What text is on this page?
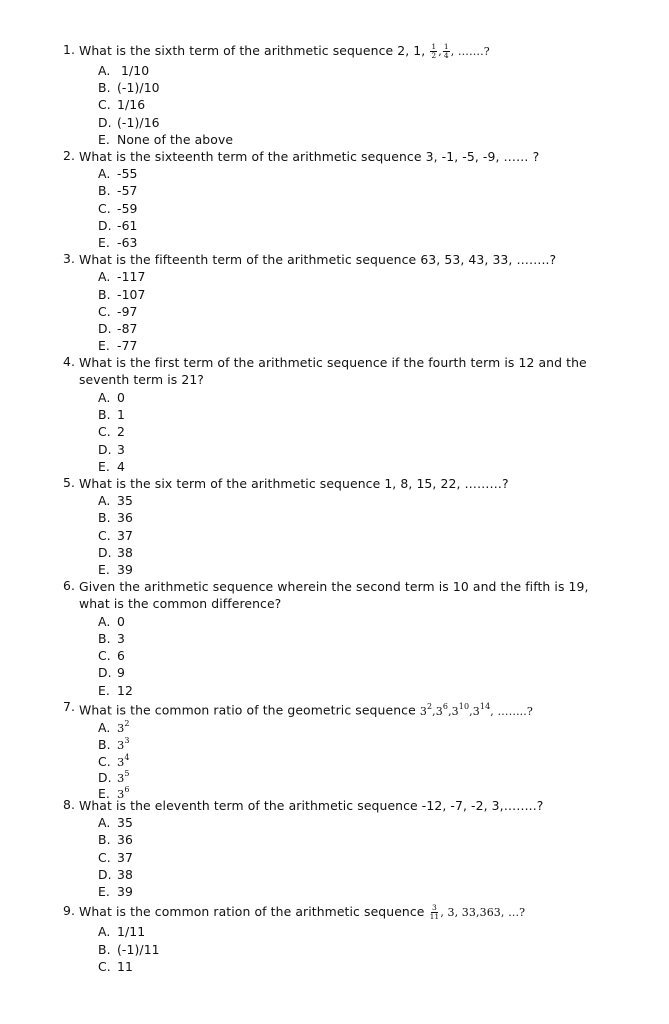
1. What is the sixth term of the arithmetic sequence 2, 1, $\frac{1}{2}$ , $\frac{1}{4}$ , …….?
A. 1/10
B. (-1)/10
C. 1/16
D. (-1)/16
E. None of the above
2. What is the sixteenth term of the arithmetic sequence 3, -1, -5, -9, …… ?
A. -55
B. -57
C. -59
D. -61
E. -63
3. What is the fifteenth term of the arithmetic sequence 63, 53, 43, 33, ……..?
A. -117
B. -107
C. -97
D. -87
E. -77
4. What is the first term of the arithmetic sequence if the fourth term is 12 and the seventh term is 21?
A. 0
B. 1
C. 2
D. 3
E. 4
5. What is the six term of the arithmetic sequence 1, 8, 15, 22, ………?
A. 35
B. 36
C. 37
D. 38
E. 39
6. Given the arithmetic sequence wherein the second term is 10 and the fifth is 19, what is the common difference?
A. 0
B. 3
C. 6
D. 9
E. 12
7. What is the common ratio of the geometric sequence $3^2,3^6,3^{10},3^{14}$, ……..?
A. $3^2$
B. $3^3$
C. $3^4$
D. $3^5$
E. $3^6$
8. What is the eleventh term of the arithmetic sequence -12, -7, -2, 3,……..?
A. 35
B. 36
C. 37
D. 38
E. 39
9. What is the common ration of the arithmetic sequence $\frac{3}{11}$ , 3, 33,363, …?
A. 1/11
B. (-1)/11
C. 11
